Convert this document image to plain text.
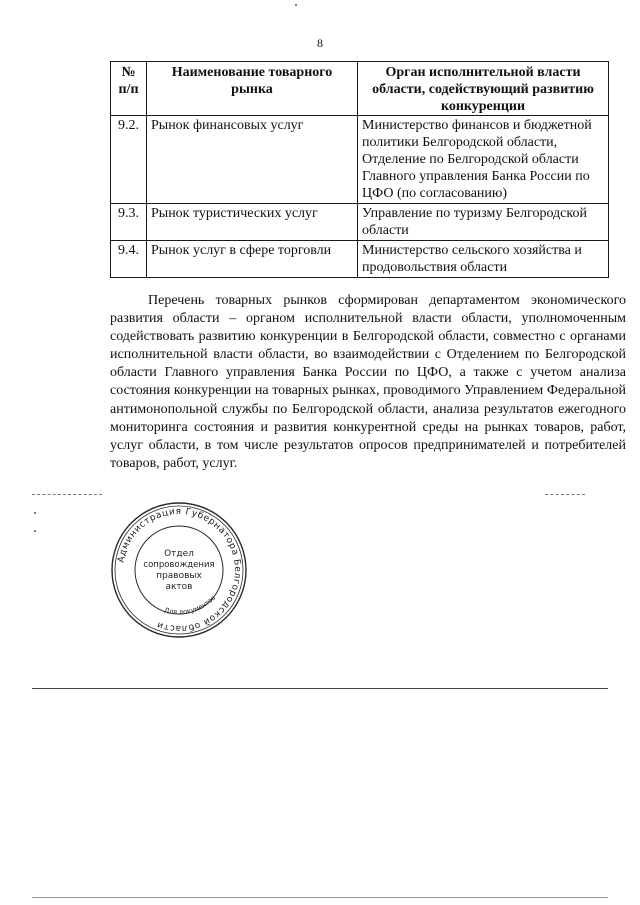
8
№ п/п	Наименование товарного рынка	Орган исполнительной власти области, содействующий развитию конкуренции
9.2.	Рынок финансовых услуг	Министерство финансов и бюджетной политики Белгородской области, Отделение по Белгородской области Главного управления Банка России по ЦФО (по согласованию)
9.3.	Рынок туристических услуг	Управление по туризму Белгородской области
9.4.	Рынок услуг в сфере торговли	Министерство сельского хозяйства и продовольствия области

Перечень товарных рынков сформирован департаментом экономического развития области – органом исполнительной власти области, уполномоченным содействовать развитию конкуренции в Белгородской области, совместно с органами исполнительной власти области, во взаимодействии с Отделением по Белгородской области Главного управления Банка России по ЦФО, а также с учетом анализа состояния конкуренции на товарных рынках, проводимого Управлением Федеральной антимонопольной службы по Белгородской области, анализа результатов ежегодного мониторинга состояния и развития конкурентной среды на рынках товаров, работ, услуг области, в том числе результатов опросов предпринимателей и потребителей товаров, работ, услуг.

Администрация Губернатора Белгородской области
Для документов
Отдел
сопровождения
правовых
актов
